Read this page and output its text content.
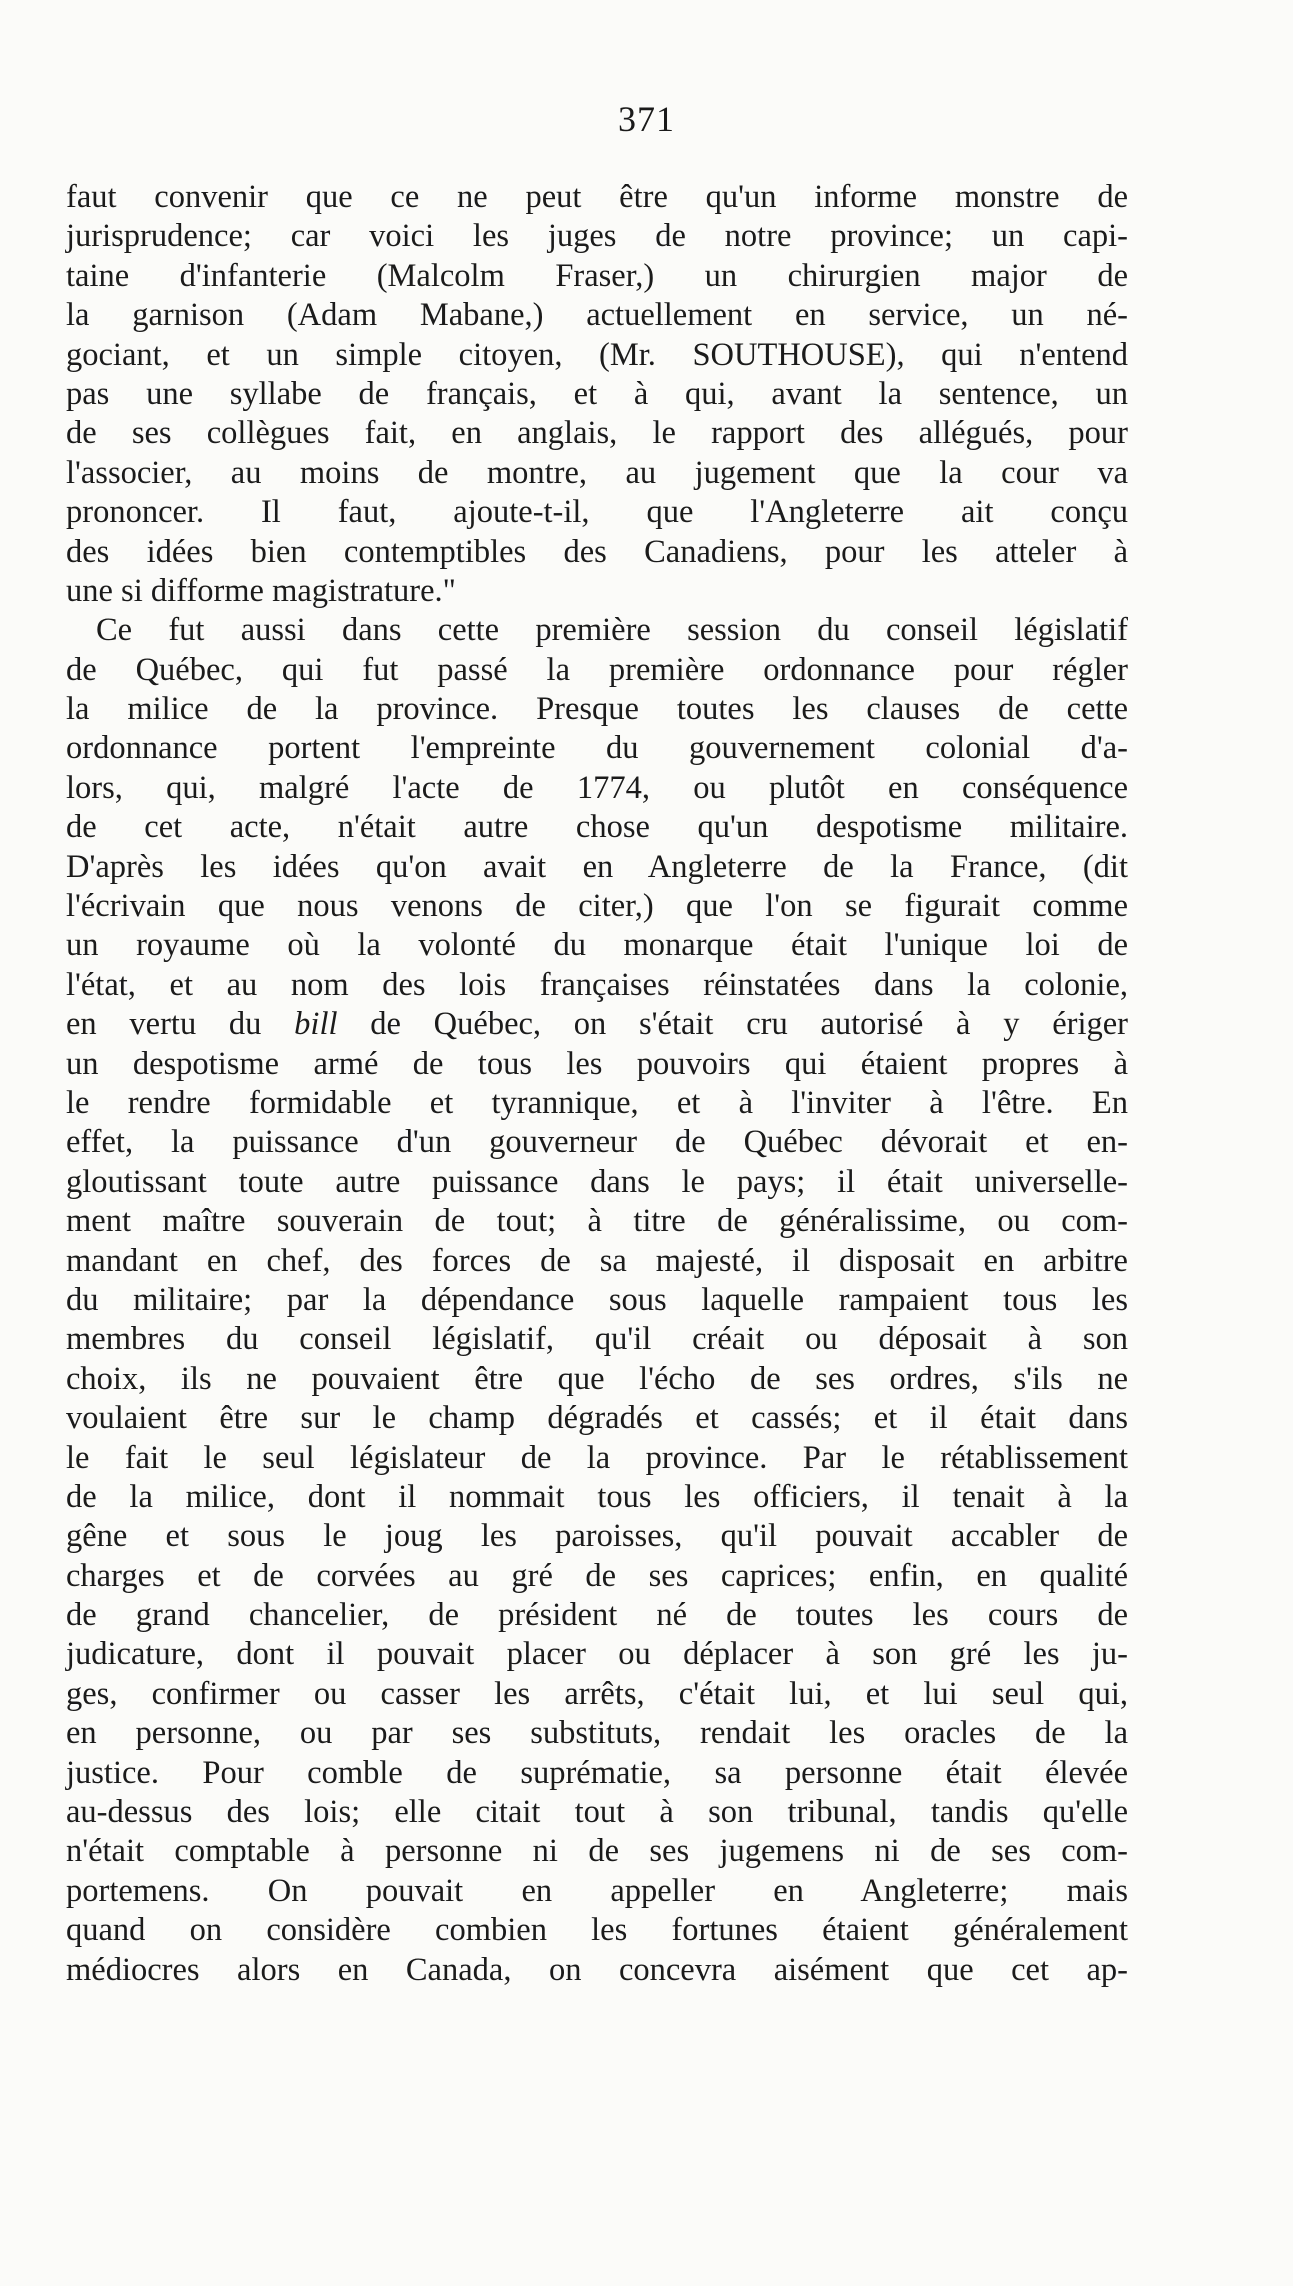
371
faut convenir que ce ne peut être qu'un informe monstre de
jurisprudence; car voici les juges de notre province; un capi-
taine d'infanterie (Malcolm Fraser,) un chirurgien major de
la garnison (Adam Mabane,) actuellement en service, un né-
gociant, et un simple citoyen, (Mr. SOUTHOUSE), qui n'entend
pas une syllabe de français, et à qui, avant la sentence, un
de ses collègues fait, en anglais, le rapport des allégués, pour
l'associer, au moins de montre, au jugement que la cour va
prononcer. Il faut, ajoute-t-il, que l'Angleterre ait conçu
des idées bien contemptibles des Canadiens, pour les atteler à
une si difforme magistrature."
Ce fut aussi dans cette première session du conseil législatif
de Québec, qui fut passé la première ordonnance pour régler
la milice de la province. Presque toutes les clauses de cette
ordonnance portent l'empreinte du gouvernement colonial d'a-
lors, qui, malgré l'acte de 1774, ou plutôt en conséquence
de cet acte, n'était autre chose qu'un despotisme militaire.
D'après les idées qu'on avait en Angleterre de la France, (dit
l'écrivain que nous venons de citer,) que l'on se figurait comme
un royaume où la volonté du monarque était l'unique loi de
l'état, et au nom des lois françaises réinstatées dans la colonie,
en vertu du bill de Québec, on s'était cru autorisé à y ériger
un despotisme armé de tous les pouvoirs qui étaient propres à
le rendre formidable et tyrannique, et à l'inviter à l'être. En
effet, la puissance d'un gouverneur de Québec dévorait et en-
gloutissant toute autre puissance dans le pays; il était universelle-
ment maître souverain de tout; à titre de généralissime, ou com-
mandant en chef, des forces de sa majesté, il disposait en arbitre
du militaire; par la dépendance sous laquelle rampaient tous les
membres du conseil législatif, qu'il créait ou déposait à son
choix, ils ne pouvaient être que l'écho de ses ordres, s'ils ne
voulaient être sur le champ dégradés et cassés; et il était dans
le fait le seul législateur de la province. Par le rétablissement
de la milice, dont il nommait tous les officiers, il tenait à la
gêne et sous le joug les paroisses, qu'il pouvait accabler de
charges et de corvées au gré de ses caprices; enfin, en qualité
de grand chancelier, de président né de toutes les cours de
judicature, dont il pouvait placer ou déplacer à son gré les ju-
ges, confirmer ou casser les arrêts, c'était lui, et lui seul qui,
en personne, ou par ses substituts, rendait les oracles de la
justice. Pour comble de suprématie, sa personne était élevée
au-dessus des lois; elle citait tout à son tribunal, tandis qu'elle
n'était comptable à personne ni de ses jugemens ni de ses com-
portemens. On pouvait en appeller en Angleterre; mais
quand on considère combien les fortunes étaient généralement
médiocres alors en Canada, on concevra aisément que cet ap-
